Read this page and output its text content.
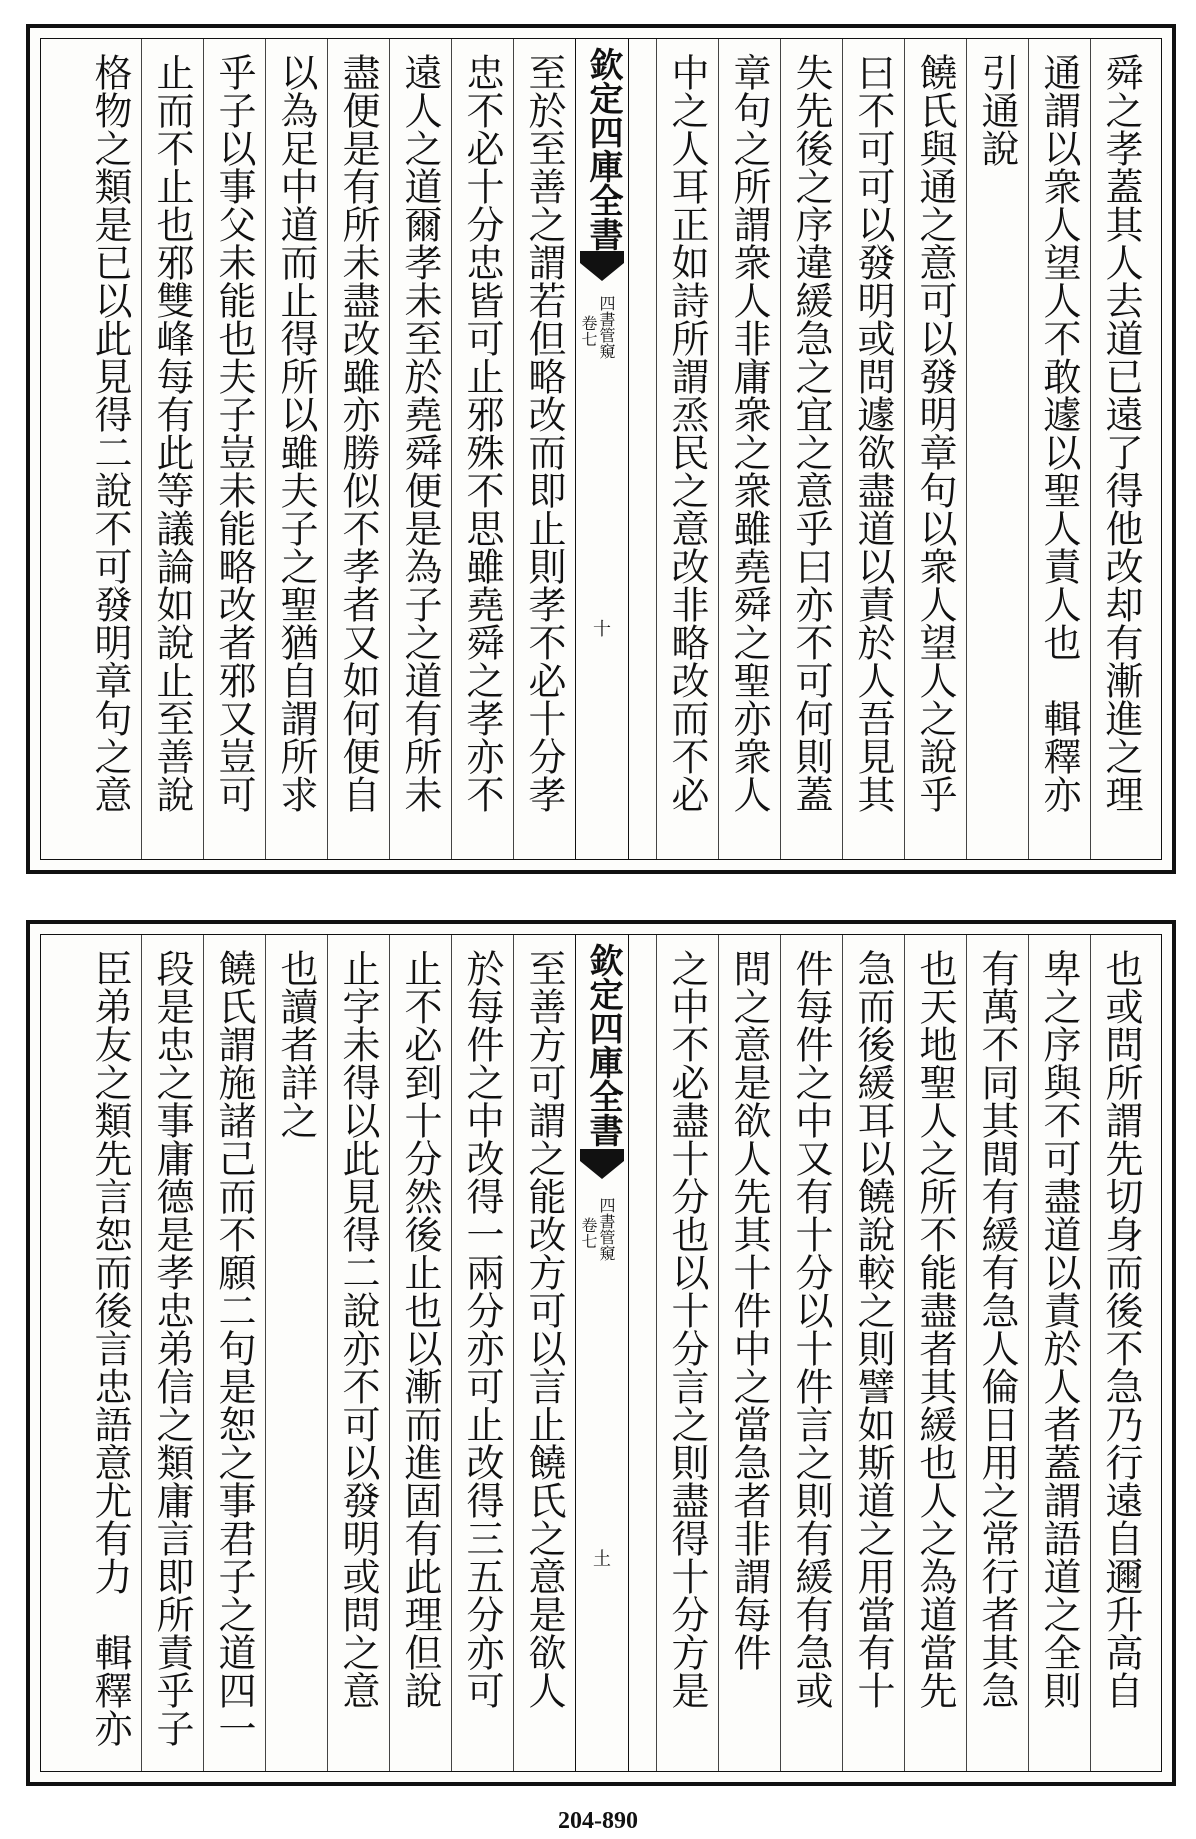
舜之孝蓋其人去道已遠了得他改却有漸進之理
通謂以衆人望人不敢遽以聖人責人也　輯釋亦
引通說
饒氏與通之意可以發明章句以衆人望人之說乎
曰不可可以發明或問遽欲盡道以責於人吾見其
失先後之序違緩急之宜之意乎曰亦不可何則蓋
章句之所謂衆人非庸衆之衆雖堯舜之聖亦衆人
中之人耳正如詩所謂烝民之意改非略改而不必
至於至善之謂若但略改而即止則孝不必十分孝
忠不必十分忠皆可止邪殊不思雖堯舜之孝亦不
遠人之道爾孝未至於堯舜便是為子之道有所未
盡便是有所未盡改雖亦勝似不孝者又如何便自
以為足中道而止得所以雖夫子之聖猶自謂所求
乎子以事父未能也夫子豈未能略改者邪又豈可
止而不止也邪雙峰每有此等議論如說止至善說
格物之類是已以此見得二說不可發明章句之意	欽定四庫全書
四書管窺
卷七
十
也或問所謂先切身而後不急乃行遠自邇升高自
卑之序與不可盡道以責於人者蓋謂語道之全則
有萬不同其間有緩有急人倫日用之常行者其急
也天地聖人之所不能盡者其緩也人之為道當先
急而後緩耳以饒說較之則譬如斯道之用當有十
件每件之中又有十分以十件言之則有緩有急或
問之意是欲人先其十件中之當急者非謂每件
之中不必盡十分也以十分言之則盡得十分方是
至善方可謂之能改方可以言止饒氏之意是欲人
於每件之中改得一兩分亦可止改得三五分亦可
止不必到十分然後止也以漸而進固有此理但說
止字未得以此見得二說亦不可以發明或問之意
也讀者詳之
饒氏謂施諸己而不願二句是恕之事君子之道四一
段是忠之事庸德是孝忠弟信之類庸言即所責乎子
臣弟友之類先言恕而後言忠語意尤有力　輯釋亦	欽定四庫全書
四書管窺
卷七
土
204-890
